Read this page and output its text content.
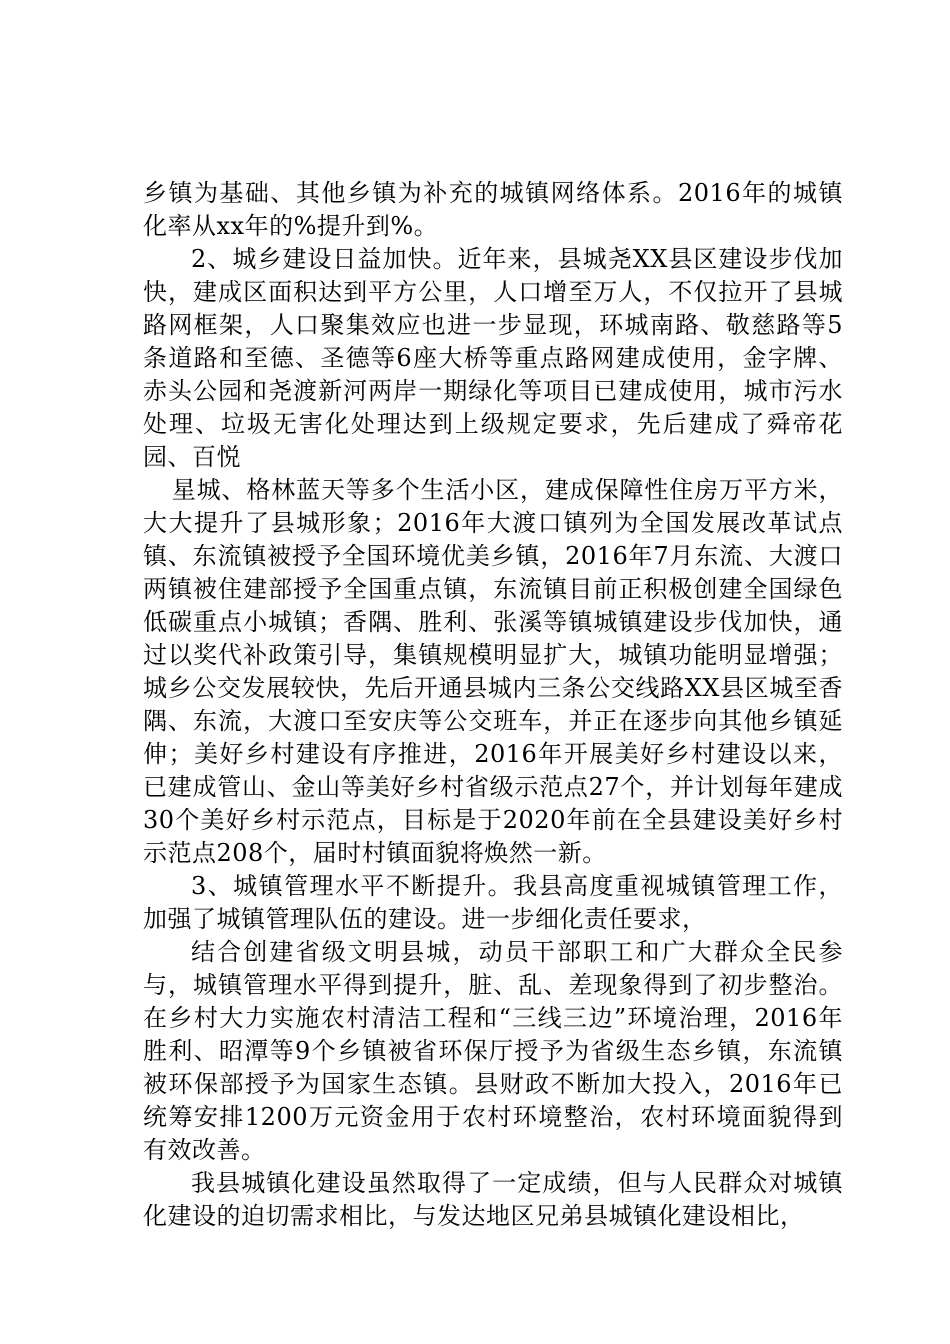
乡镇为基础、其他乡镇为补充的城镇网络体系。2016年的城镇化率从xx年的%提升到%。

2、城乡建设日益加快。近年来，县城尧XX县区建设步伐加快，建成区面积达到平方公里，人口增至万人，不仅拉开了县城路网框架，人口聚集效应也进一步显现，环城南路、敬慈路等5条道路和至德、圣德等6座大桥等重点路网建成使用，金字牌、赤头公园和尧渡新河两岸一期绿化等项目已建成使用，城市污水处理、垃圾无害化处理达到上级规定要求，先后建成了舜帝花园、百悦

星城、格林蓝天等多个生活小区，建成保障性住房万平方米，大大提升了县城形象；2016年大渡口镇列为全国发展改革试点镇、东流镇被授予全国环境优美乡镇，2016年7月东流、大渡口两镇被住建部授予全国重点镇，东流镇目前正积极创建全国绿色低碳重点小城镇；香隅、胜利、张溪等镇城镇建设步伐加快，通过以奖代补政策引导，集镇规模明显扩大，城镇功能明显增强；城乡公交发展较快，先后开通县城内三条公交线路XX县区城至香隅、东流，大渡口至安庆等公交班车，并正在逐步向其他乡镇延伸；美好乡村建设有序推进，2016年开展美好乡村建设以来，已建成管山、金山等美好乡村省级示范点27个，并计划每年建成30个美好乡村示范点，目标是于2020年前在全县建设美好乡村示范点208个，届时村镇面貌将焕然一新。

3、城镇管理水平不断提升。我县高度重视城镇管理工作，加强了城镇管理队伍的建设。进一步细化责任要求，

结合创建省级文明县城，动员干部职工和广大群众全民参与，城镇管理水平得到提升，脏、乱、差现象得到了初步整治。在乡村大力实施农村清洁工程和“三线三边”环境治理，2016年胜利、昭潭等9个乡镇被省环保厅授予为省级生态乡镇，东流镇被环保部授予为国家生态镇。县财政不断加大投入，2016年已统筹安排1200万元资金用于农村环境整治，农村环境面貌得到有效改善。

我县城镇化建设虽然取得了一定成绩，但与人民群众对城镇化建设的迫切需求相比，与发达地区兄弟县城镇化建设相比，
